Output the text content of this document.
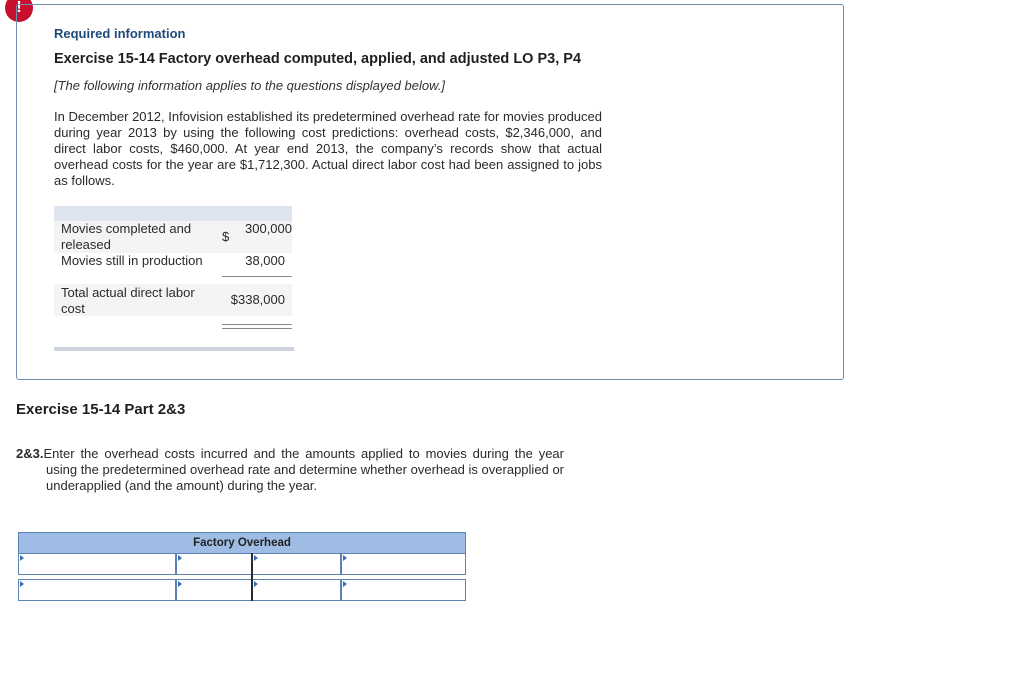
!
Required information
Exercise 15-14 Factory overhead computed, applied, and adjusted LO P3, P4
[The following information applies to the questions displayed below.]
In December 2012, Infovision established its predetermined overhead rate for movies produced during year 2013 by using the following cost predictions: overhead costs, $2,346,000, and direct labor costs, $460,000. At year end 2013, the company’s records show that actual overhead costs for the year are $1,712,300. Actual direct labor cost had been assigned to jobs as follows.
Movies completed and released
$
300,000
Movies still in production	38,000
Total actual direct labor cost
$338,000
Exercise 15-14 Part 2&3
2&3.Enter the overhead costs incurred and the amounts applied to movies during the year using the predetermined overhead rate and determine whether overhead is overapplied or underapplied (and the amount) during the year.
Factory Overhead
